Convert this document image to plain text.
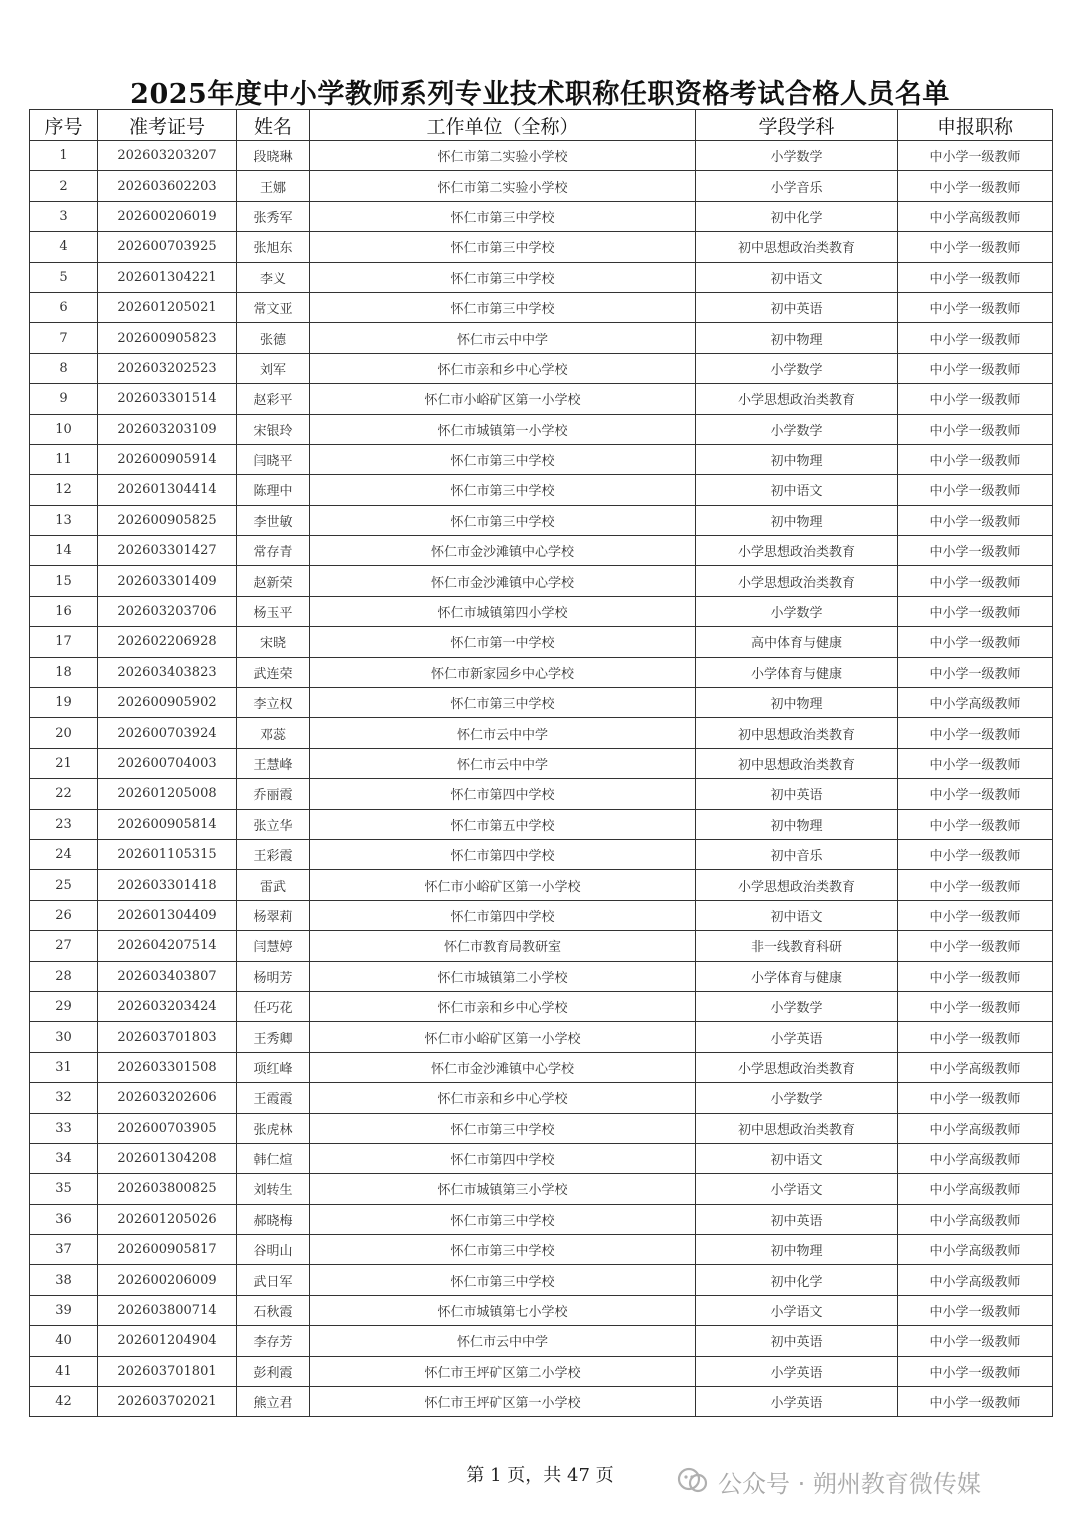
2025年度中小学教师系列专业技术职称任职资格考试合格人员名单
序号	准考证号	姓名	工作单位（全称）	学段学科	申报职称
1	202603203207	段晓琳	怀仁市第二实验小学校	小学数学	中小学一级教师
2	202603602203	王娜	怀仁市第二实验小学校	小学音乐	中小学一级教师
3	202600206019	张秀军	怀仁市第三中学校	初中化学	中小学高级教师
4	202600703925	张旭东	怀仁市第三中学校	初中思想政治类教育	中小学一级教师
5	202601304221	李义	怀仁市第三中学校	初中语文	中小学一级教师
6	202601205021	常文亚	怀仁市第三中学校	初中英语	中小学一级教师
7	202600905823	张德	怀仁市云中中学	初中物理	中小学一级教师
8	202603202523	刘军	怀仁市亲和乡中心学校	小学数学	中小学一级教师
9	202603301514	赵彩平	怀仁市小峪矿区第一小学校	小学思想政治类教育	中小学一级教师
10	202603203109	宋银玲	怀仁市城镇第一小学校	小学数学	中小学一级教师
11	202600905914	闫晓平	怀仁市第三中学校	初中物理	中小学一级教师
12	202601304414	陈理中	怀仁市第三中学校	初中语文	中小学一级教师
13	202600905825	李世敏	怀仁市第三中学校	初中物理	中小学一级教师
14	202603301427	常存青	怀仁市金沙滩镇中心学校	小学思想政治类教育	中小学一级教师
15	202603301409	赵新荣	怀仁市金沙滩镇中心学校	小学思想政治类教育	中小学一级教师
16	202603203706	杨玉平	怀仁市城镇第四小学校	小学数学	中小学一级教师
17	202602206928	宋晓	怀仁市第一中学校	高中体育与健康	中小学一级教师
18	202603403823	武连荣	怀仁市新家园乡中心学校	小学体育与健康	中小学一级教师
19	202600905902	李立权	怀仁市第三中学校	初中物理	中小学高级教师
20	202600703924	邓蕊	怀仁市云中中学	初中思想政治类教育	中小学一级教师
21	202600704003	王慧峰	怀仁市云中中学	初中思想政治类教育	中小学一级教师
22	202601205008	乔丽霞	怀仁市第四中学校	初中英语	中小学一级教师
23	202600905814	张立华	怀仁市第五中学校	初中物理	中小学一级教师
24	202601105315	王彩霞	怀仁市第四中学校	初中音乐	中小学一级教师
25	202603301418	雷武	怀仁市小峪矿区第一小学校	小学思想政治类教育	中小学一级教师
26	202601304409	杨翠莉	怀仁市第四中学校	初中语文	中小学一级教师
27	202604207514	闫慧婷	怀仁市教育局教研室	非一线教育科研	中小学一级教师
28	202603403807	杨明芳	怀仁市城镇第二小学校	小学体育与健康	中小学一级教师
29	202603203424	任巧花	怀仁市亲和乡中心学校	小学数学	中小学一级教师
30	202603701803	王秀卿	怀仁市小峪矿区第一小学校	小学英语	中小学一级教师
31	202603301508	项红峰	怀仁市金沙滩镇中心学校	小学思想政治类教育	中小学高级教师
32	202603202606	王霞霞	怀仁市亲和乡中心学校	小学数学	中小学一级教师
33	202600703905	张虎林	怀仁市第三中学校	初中思想政治类教育	中小学高级教师
34	202601304208	韩仁煊	怀仁市第四中学校	初中语文	中小学高级教师
35	202603800825	刘转生	怀仁市城镇第三小学校	小学语文	中小学高级教师
36	202601205026	郝晓梅	怀仁市第三中学校	初中英语	中小学高级教师
37	202600905817	谷明山	怀仁市第三中学校	初中物理	中小学高级教师
38	202600206009	武日军	怀仁市第三中学校	初中化学	中小学高级教师
39	202603800714	石秋霞	怀仁市城镇第七小学校	小学语文	中小学一级教师
40	202601204904	李存芳	怀仁市云中中学	初中英语	中小学一级教师
41	202603701801	彭利霞	怀仁市王坪矿区第二小学校	小学英语	中小学一级教师
42	202603702021	熊立君	怀仁市王坪矿区第一小学校	小学英语	中小学一级教师
第 1 页，共 47 页	公众号 · 朔州教育微传媒
